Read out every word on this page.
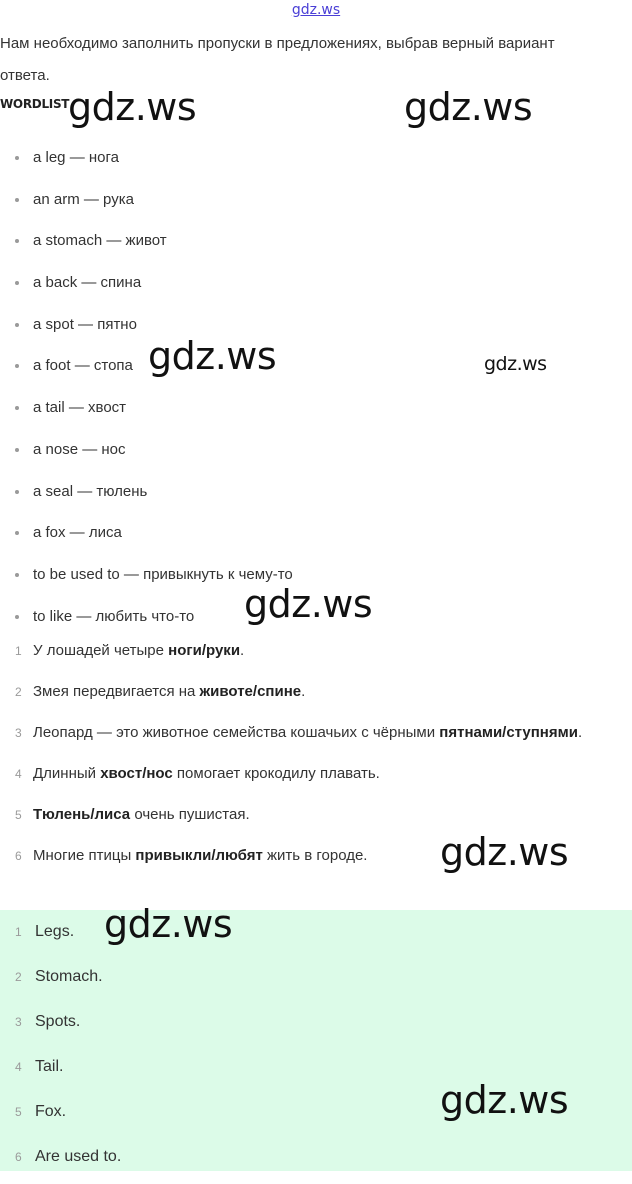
gdz.ws
Нам необходимо заполнить пропуски в предложениях, выбрав верный вариант ответа.
WORDLIST
a leg — нога
an arm — рука
a stomach — живот
a back — спина
a spot — пятно
a foot — стопа
a tail — хвост
a nose — нос
a seal — тюлень
a fox — лиса
to be used to — привыкнуть к чему-то
to like — любить что-то
1 У лошадей четыре ноги/руки.
2 Змея передвигается на животе/спине.
3 Леопард — это животное семейства кошачьих с чёрными пятнами/ступнями.
4 Длинный хвост/нос помогает крокодилу плавать.
5 Тюлень/лиса очень пушистая.
6 Многие птицы привыкли/любят жить в городе.
1 Legs.
2 Stomach.
3 Spots.
4 Tail.
5 Fox.
6 Are used to.
gdz.ws	gdz.ws
gdz.ws	gdz.ws
gdz.ws
gdz.ws
gdz.ws
gdz.ws
